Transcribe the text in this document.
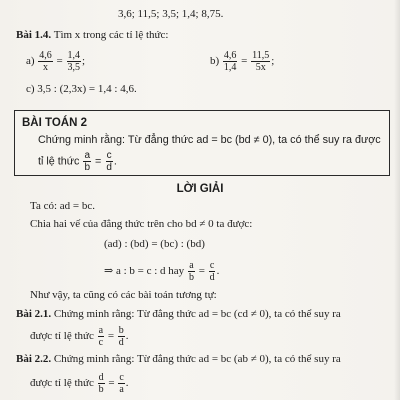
3,6; 11,5; 3,5; 1,4; 8,75.
Bài 1.4. Tìm x trong các tỉ lệ thức:
$a) \frac{4,6}{x} = \frac{1,4}{3,5}$ ;	$b) \frac{4,6}{1,4} = \frac{11,5}{5x}$ ;
c) 3,5 : (2,3x) = 1,4 : 4,6.
BÀI TOÁN 2
Chứng minh rằng: Từ đẳng thức ad = bc (bd ≠ 0), ta có thể suy ra được
tỉ lệ thức $\frac{a}{b} = \frac{c}{d}$ .
LỜI GIẢI
Ta có: ad = bc.
Chia hai vế của đẳng thức trên cho bd ≠ 0 ta được:
(ad) : (bd) = (bc) : (bd)
⇒ a : b = c : d hay $\frac{a}{b} = \frac{c}{d}$ .
Như vậy, ta cũng có các bài toán tương tự:
Bài 2.1. Chứng minh rằng: Từ đẳng thức ad = bc (cd ≠ 0), ta có thể suy ra
được tỉ lệ thức $\frac{a}{c} = \frac{b}{d}$ .
Bài 2.2. Chứng minh rằng: Từ đẳng thức ad = bc (ab ≠ 0), ta có thể suy ra
được tỉ lệ thức $\frac{d}{b} = \frac{c}{a}$ .
